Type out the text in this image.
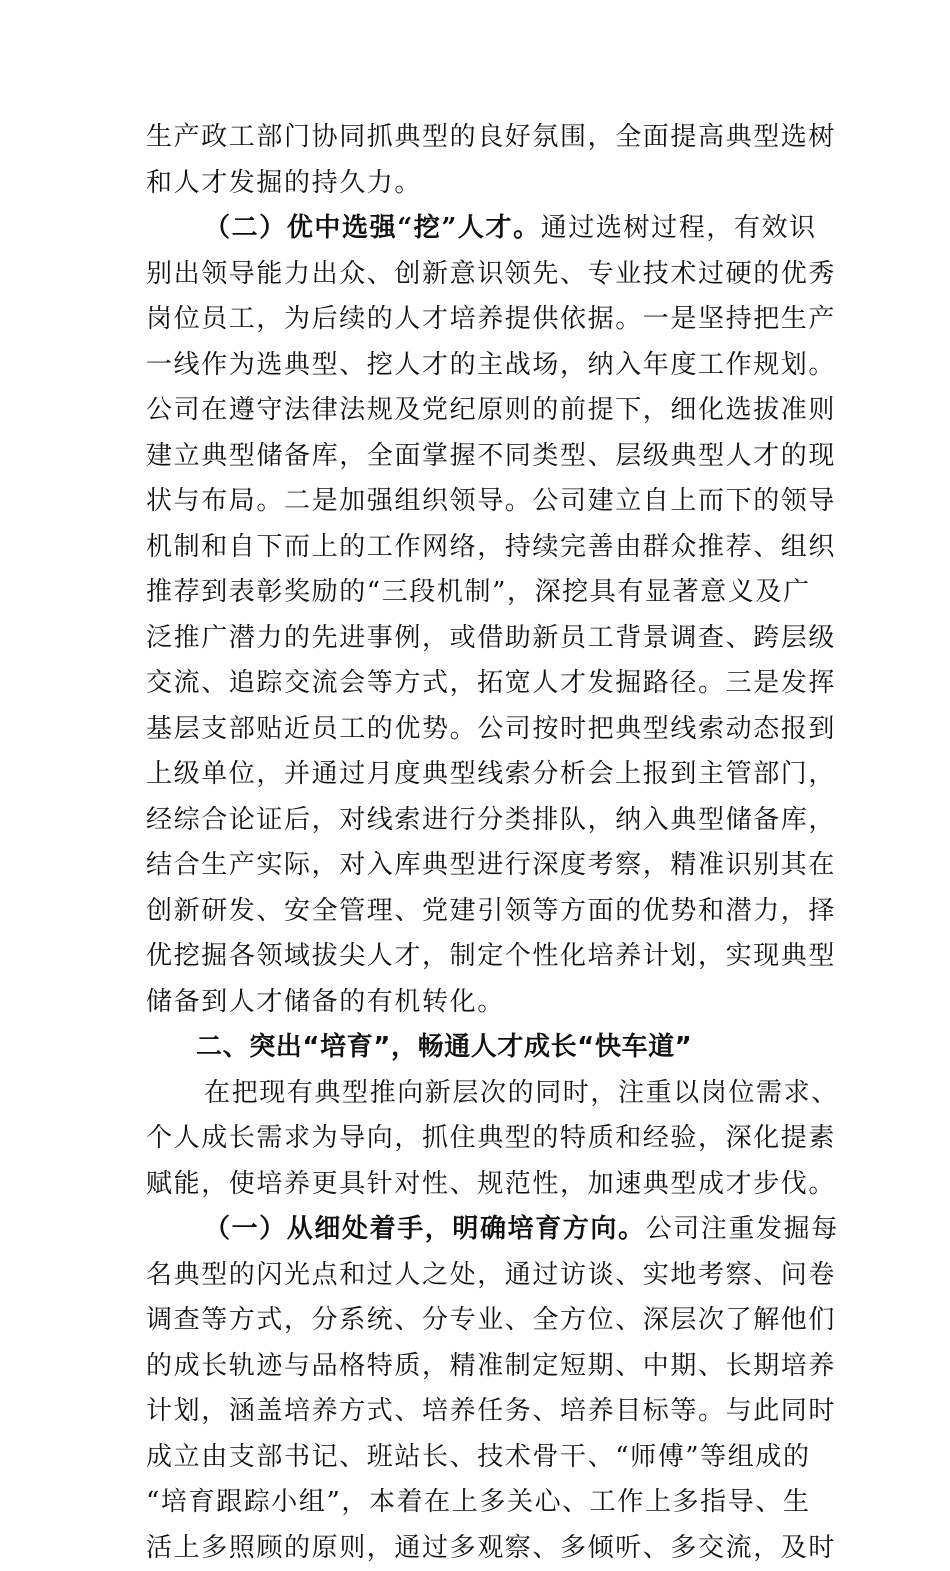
生产政工部门协同抓典型的良好氛围，全面提高典型选树
和人才发掘的持久力。
（二）优中选强“挖”人才。通过选树过程，有效识
别出领导能力出众、创新意识领先、专业技术过硬的优秀
岗位员工，为后续的人才培养提供依据。一是坚持把生产
一线作为选典型、挖人才的主战场，纳入年度工作规划。
公司在遵守法律法规及党纪原则的前提下，细化选拔准则
建立典型储备库，全面掌握不同类型、层级典型人才的现
状与布局。二是加强组织领导。公司建立自上而下的领导
机制和自下而上的工作网络，持续完善由群众推荐、组织
推荐到表彰奖励的“三段机制”，深挖具有显著意义及广
泛推广潜力的先进事例，或借助新员工背景调查、跨层级
交流、追踪交流会等方式，拓宽人才发掘路径。三是发挥
基层支部贴近员工的优势。公司按时把典型线索动态报到
上级单位，并通过月度典型线索分析会上报到主管部门，
经综合论证后，对线索进行分类排队，纳入典型储备库，
结合生产实际，对入库典型进行深度考察，精准识别其在
创新研发、安全管理、党建引领等方面的优势和潜力，择
优挖掘各领域拔尖人才，制定个性化培养计划，实现典型
储备到人才储备的有机转化。
二、突出“培育”，畅通人才成长“快车道”
在把现有典型推向新层次的同时，注重以岗位需求、
个人成长需求为导向，抓住典型的特质和经验，深化提素
赋能，使培养更具针对性、规范性，加速典型成才步伐。
（一）从细处着手，明确培育方向。公司注重发掘每
名典型的闪光点和过人之处，通过访谈、实地考察、问卷
调查等方式，分系统、分专业、全方位、深层次了解他们
的成长轨迹与品格特质，精准制定短期、中期、长期培养
计划，涵盖培养方式、培养任务、培养目标等。与此同时
成立由支部书记、班站长、技术骨干、“师傅”等组成的
“培育跟踪小组”，本着在上多关心、工作上多指导、生
活上多照顾的原则，通过多观察、多倾听、多交流，及时
